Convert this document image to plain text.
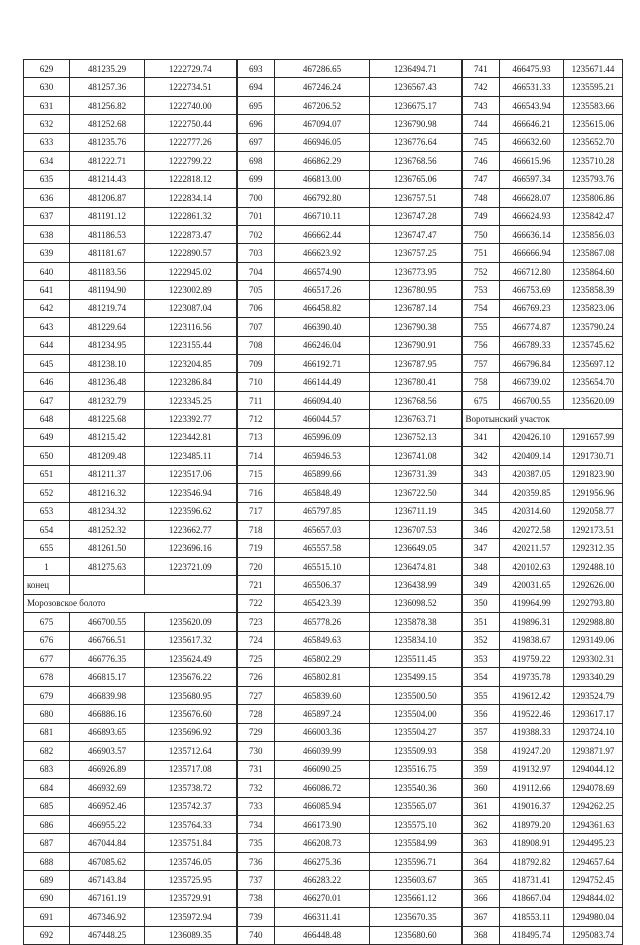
629	481235.29	1222729.74	693	467286.65	1236494.71	741	466475.93	1235671.44
630	481257.36	1222734.51	694	467246.24	1236567.43	742	466531.33	1235595.21
631	481256.82	1222740.00	695	467206.52	1236675.17	743	466543.94	1235583.66
632	481252.68	1222750.44	696	467094.07	1236790.98	744	466646.21	1235615.06
633	481235.76	1222777.26	697	466946.05	1236776.64	745	466632.60	1235652.70
634	481222.71	1222799.22	698	466862.29	1236768.56	746	466615.96	1235710.28
635	481214.43	1222818.12	699	466813.00	1236765.06	747	466597.34	1235793.76
636	481206.87	1222834.14	700	466792.80	1236757.51	748	466628.07	1235806.86
637	481191.12	1222861.32	701	466710.11	1236747.28	749	466624.93	1235842.47
638	481186.53	1222873.47	702	466662.44	1236747.47	750	466636.14	1235856.03
639	481181.67	1222890.57	703	466623.92	1236757.25	751	466666.94	1235867.08
640	481183.56	1222945.02	704	466574.90	1236773.95	752	466712.80	1235864.60
641	481194.90	1223002.89	705	466517.26	1236780.95	753	466753.69	1235858.39
642	481219.74	1223087.04	706	466458.82	1236787.14	754	466769.23	1235823.06
643	481229.64	1223116.56	707	466390.40	1236790.38	755	466774.87	1235790.24
644	481234.95	1223155.44	708	466246.04	1236790.91	756	466789.33	1235745.62
645	481238.10	1223204.85	709	466192.71	1236787.95	757	466796.84	1235697.12
646	481236.48	1223286.84	710	466144.49	1236780.41	758	466739.02	1235654.70
647	481232.79	1223345.25	711	466094.40	1236768.56	675	466700.55	1235620.09
648	481225.68	1223392.77	712	466044.57	1236763.71	Воротынский участок		
649	481215.42	1223442.81	713	465996.09	1236752.13	341	420426.10	1291657.99
650	481209.48	1223485.11	714	465946.53	1236741.08	342	420409.14	1291730.71
651	481211.37	1223517.06	715	465899.66	1236731.39	343	420387.05	1291823.90
652	481216.32	1223546.94	716	465848.49	1236722.50	344	420359.85	1291956.96
653	481234.32	1223596.62	717	465797.85	1236711.19	345	420314.60	1292058.77
654	481252.32	1223662.77	718	465657.03	1236707.53	346	420272.58	1292173.51
655	481261.50	1223696.16	719	465557.58	1236649.05	347	420211.57	1292312.35
1	481275.63	1223721.09	720	465515.10	1236474.81	348	420102.63	1292488.10
конец			721	465506.37	1236438.99	349	420031.65	1292626.00
Морозовское болото			722	465423.39	1236098.52	350	419964.99	1292793.80
675	466700.55	1235620.09	723	465778.26	1235878.38	351	419896.31	1292988.80
676	466766.51	1235617.32	724	465849.63	1235834.10	352	419838.67	1293149.06
677	466776.35	1235624.49	725	465802.29	1235511.45	353	419759.22	1293302.31
678	466815.17	1235676.22	726	465802.81	1235499.15	354	419735.78	1293340.29
679	466839.98	1235680.95	727	465839.60	1235500.50	355	419612.42	1293524.79
680	466886.16	1235676.60	728	465897.24	1235504.00	356	419522.46	1293617.17
681	466893.65	1235696.92	729	466003.36	1235504.27	357	419388.33	1293724.10
682	466903.57	1235712.64	730	466039.99	1235509.93	358	419247.20	1293871.97
683	466926.89	1235717.08	731	466090.25	1235516.75	359	419132.97	1294044.12
684	466932.69	1235738.72	732	466086.72	1235540.36	360	419112.66	1294078.69
685	466952.46	1235742.37	733	466085.94	1235565.07	361	419016.37	1294262.25
686	466955.22	1235764.33	734	466173.90	1235575.10	362	418979.20	1294361.63
687	467044.84	1235751.84	735	466208.73	1235584.99	363	418908.91	1294495.23
688	467085.62	1235746.05	736	466275.36	1235596.71	364	418792.82	1294657.64
689	467143.84	1235725.95	737	466283.22	1235603.67	365	418731.41	1294752.45
690	467161.19	1235729.91	738	466270.01	1235661.12	366	418667.04	1294844.02
691	467346.92	1235972.94	739	466311.41	1235670.35	367	418553.11	1294980.04
692	467448.25	1236089.35	740	466448.48	1235680.60	368	418495.74	1295083.74
